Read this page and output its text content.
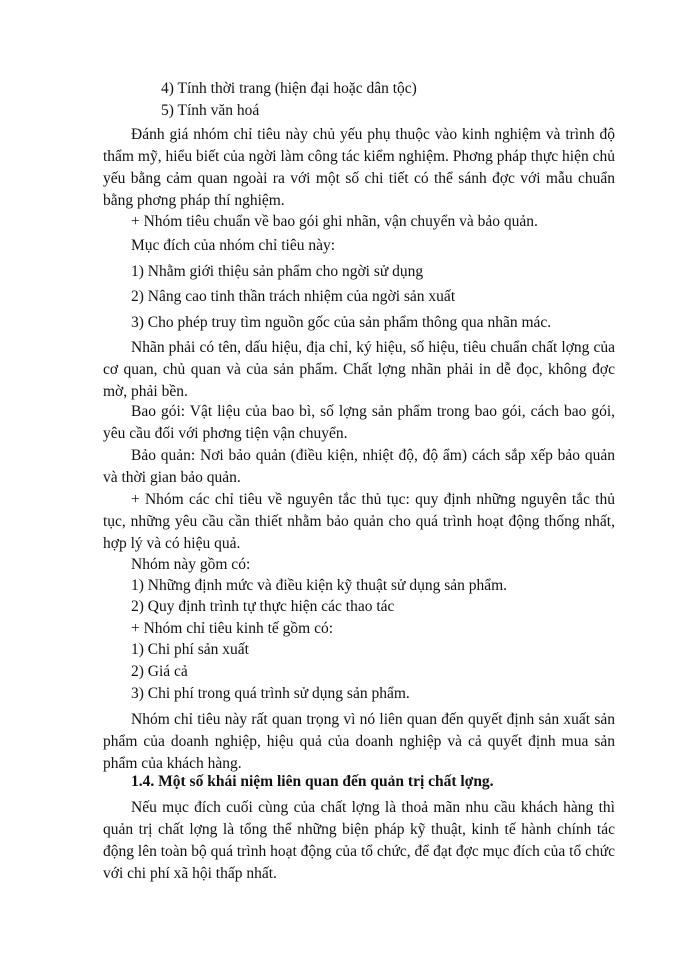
4) Tính thời trang (hiện đại hoặc dân tộc)
5) Tính văn hoá

Đánh giá nhóm chỉ tiêu này chủ yếu phụ thuộc vào kinh nghiệm và trình độ thẩm mỹ, hiểu biết của ngời làm công tác kiểm nghiệm. Phơng pháp thực hiện chủ yếu bằng cảm quan ngoài ra với một số chi tiết có thể sánh đợc với mẫu chuẩn bằng phơng pháp thí nghiệm.

+ Nhóm tiêu chuẩn về bao gói ghi nhãn, vận chuyển và bảo quản.
Mục đích của nhóm chỉ tiêu này:
1) Nhằm giới thiệu sản phẩm cho ngời sử dụng
2) Nâng cao tinh thần trách nhiệm của ngời sản xuất
3) Cho phép truy tìm nguồn gốc của sản phẩm thông qua nhãn mác.

Nhãn phải có tên, dấu hiệu, địa chỉ, ký hiệu, số hiệu, tiêu chuẩn chất lợng của cơ quan, chủ quan và của sản phẩm. Chất lợng nhãn phải in dễ đọc, không đợc mờ, phải bền.

Bao gói: Vật liệu của bao bì, số lợng sản phẩm trong bao gói, cách bao gói, yêu cầu đối với phơng tiện vận chuyển.

Bảo quản: Nơi bảo quản (điều kiện, nhiệt độ, độ ẩm) cách sắp xếp bảo quản và thời gian bảo quản.

+ Nhóm các chỉ tiêu về nguyên tắc thủ tục: quy định những nguyên tắc thủ tục, những yêu cầu cần thiết nhằm bảo quản cho quá trình hoạt động thống nhất, hợp lý và có hiệu quả.

Nhóm này gồm có:
1) Những định mức và điều kiện kỹ thuật sử dụng sản phẩm.
2) Quy định trình tự thực hiện các thao tác
+ Nhóm chỉ tiêu kinh tế gồm có:
1) Chi phí sản xuất
2) Giá cả
3) Chi phí trong quá trình sử dụng sản phẩm.

Nhóm chỉ tiêu này rất quan trọng vì nó liên quan đến quyết định sản xuất sản phẩm của doanh nghiệp, hiệu quả của doanh nghiệp và cả quyết định mua sản phẩm của khách hàng.

1.4. Một số khái niệm liên quan đến quản trị chất lợng.

Nếu mục đích cuối cùng của chất lợng là thoả mãn nhu cầu khách hàng thì quản trị chất lợng là tổng thể những biện pháp kỹ thuật, kinh tế hành chính tác động lên toàn bộ quá trình hoạt động của tổ chức, để đạt đợc mục đích của tổ chức với chi phí xã hội thấp nhất.
